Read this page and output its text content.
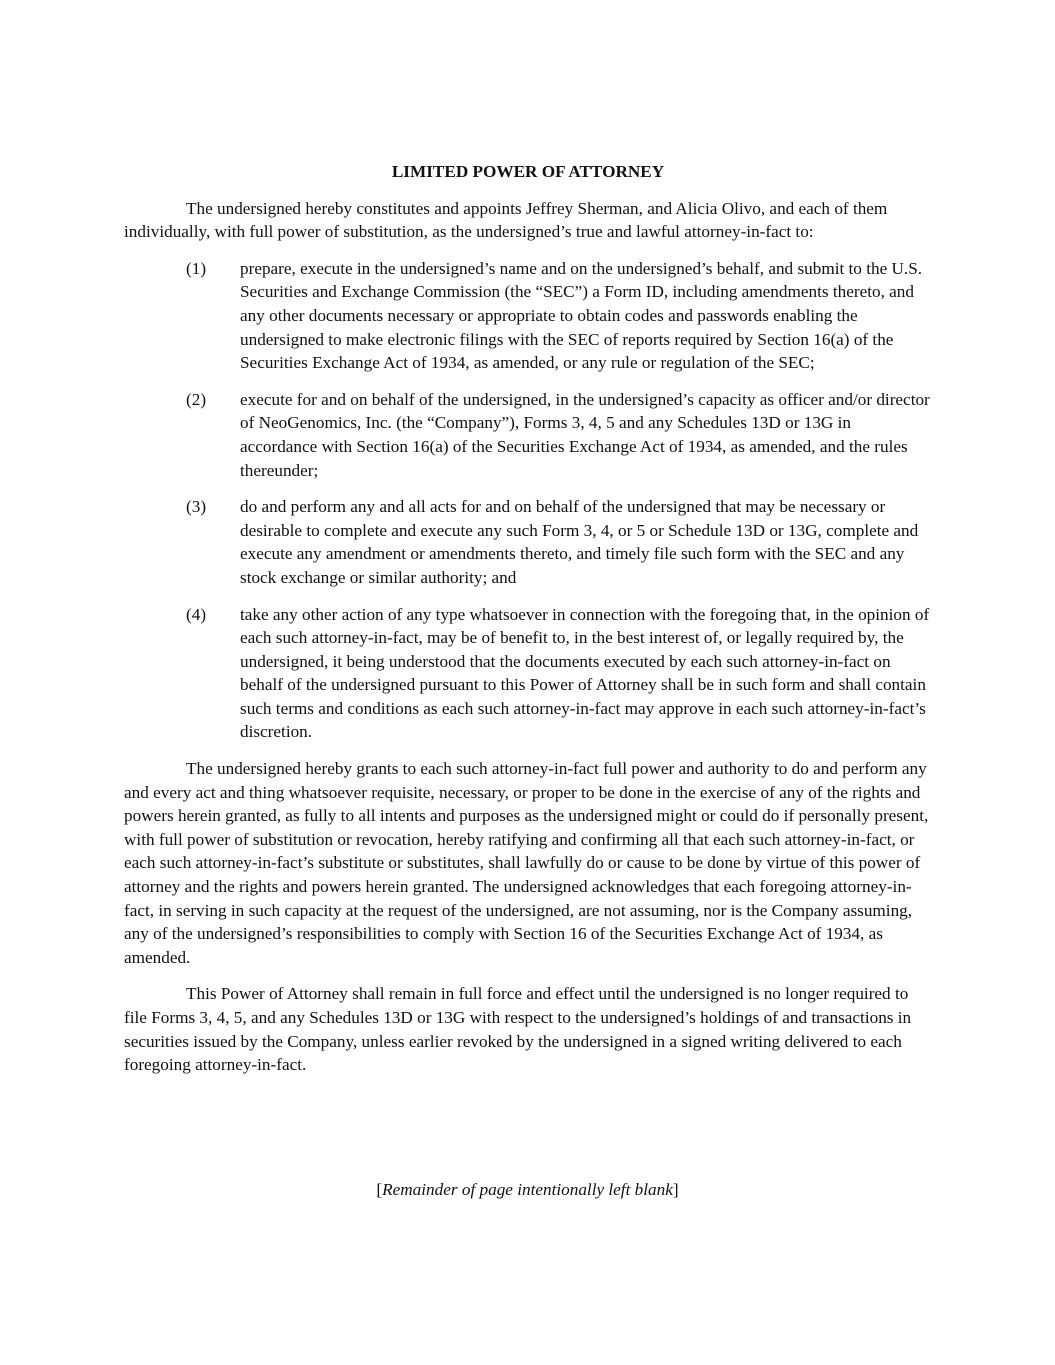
LIMITED POWER OF ATTORNEY

The undersigned hereby constitutes and appoints Jeffrey Sherman, and Alicia Olivo, and each of them individually, with full power of substitution, as the undersigned’s true and lawful attorney-in-fact to:

(1)	prepare, execute in the undersigned’s name and on the undersigned’s behalf, and submit to the U.S. Securities and Exchange Commission (the “SEC”) a Form ID, including amendments thereto, and any other documents necessary or appropriate to obtain codes and passwords enabling the undersigned to make electronic filings with the SEC of reports required by Section 16(a) of the Securities Exchange Act of 1934, as amended, or any rule or regulation of the SEC;
(2)	execute for and on behalf of the undersigned, in the undersigned’s capacity as officer and/or director of NeoGenomics, Inc. (the “Company”), Forms 3, 4, 5 and any Schedules 13D or 13G in accordance with Section 16(a) of the Securities Exchange Act of 1934, as amended, and the rules thereunder;
(3)	do and perform any and all acts for and on behalf of the undersigned that may be necessary or desirable to complete and execute any such Form 3, 4, or 5 or Schedule 13D or 13G, complete and execute any amendment or amendments thereto, and timely file such form with the SEC and any stock exchange or similar authority; and
(4)	take any other action of any type whatsoever in connection with the foregoing that, in the opinion of each such attorney-in-fact, may be of benefit to, in the best interest of, or legally required by, the undersigned, it being understood that the documents executed by each such attorney-in-fact on behalf of the undersigned pursuant to this Power of Attorney shall be in such form and shall contain such terms and conditions as each such attorney-in-fact may approve in each such attorney-in-fact’s discretion.

The undersigned hereby grants to each such attorney-in-fact full power and authority to do and perform any and every act and thing whatsoever requisite, necessary, or proper to be done in the exercise of any of the rights and powers herein granted, as fully to all intents and purposes as the undersigned might or could do if personally present, with full power of substitution or revocation, hereby ratifying and confirming all that each such attorney-in-fact, or each such attorney-in-fact’s substitute or substitutes, shall lawfully do or cause to be done by virtue of this power of attorney and the rights and powers herein granted. The undersigned acknowledges that each foregoing attorney-in-fact, in serving in such capacity at the request of the undersigned, are not assuming, nor is the Company assuming, any of the undersigned’s responsibilities to comply with Section 16 of the Securities Exchange Act of 1934, as amended.

This Power of Attorney shall remain in full force and effect until the undersigned is no longer required to file Forms 3, 4, 5, and any Schedules 13D or 13G with respect to the undersigned’s holdings of and transactions in securities issued by the Company, unless earlier revoked by the undersigned in a signed writing delivered to each foregoing attorney-in-fact.

[Remainder of page intentionally left blank]
